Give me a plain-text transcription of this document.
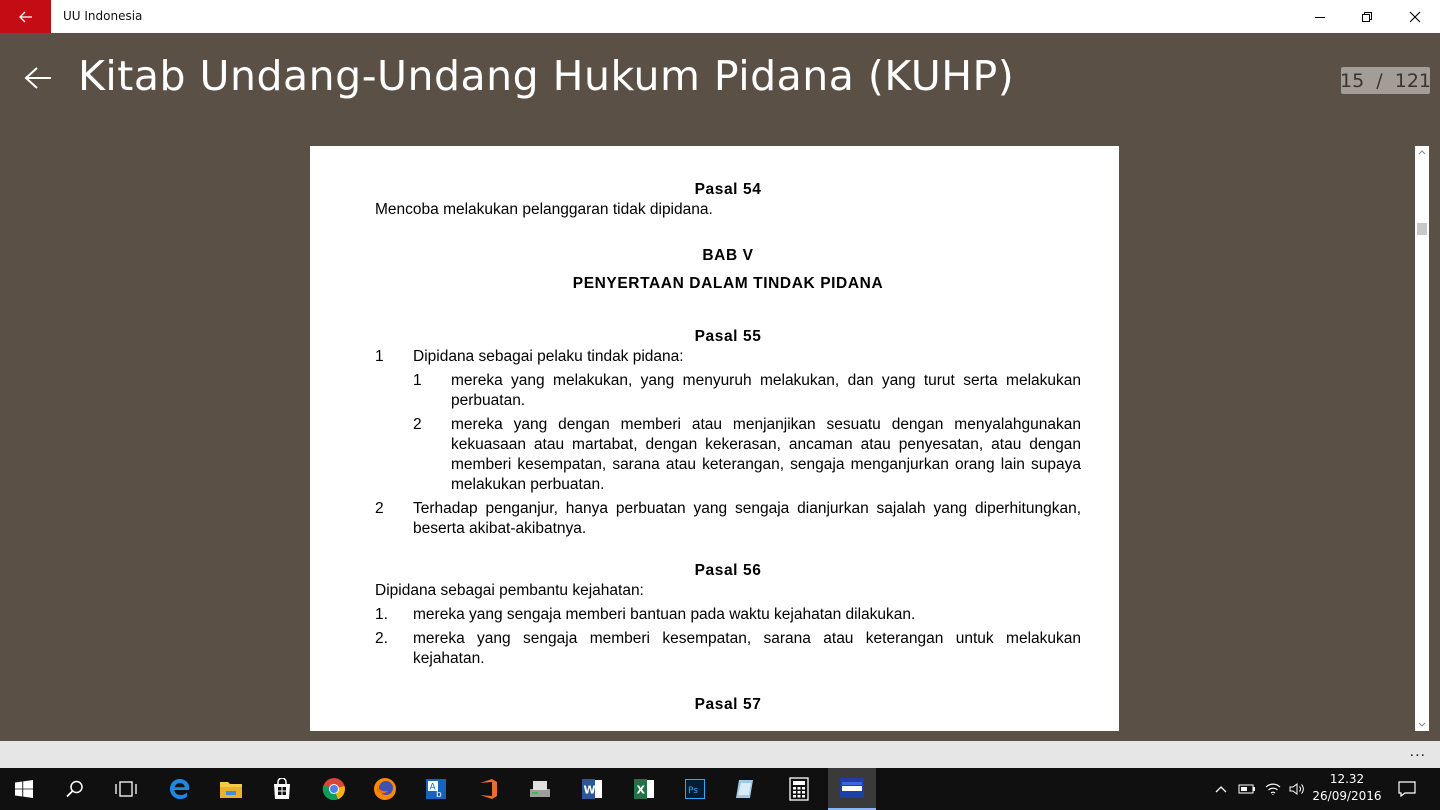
UU Indonesia
Kitab Undang-Undang Hukum Pidana (KUHP)	15  /  121
Pasal 54
Mencoba melakukan pelanggaran tidak dipidana.
BAB V
PENYERTAAN DALAM TINDAK PIDANA
Pasal 55
1	Dipidana sebagai pelaku tindak pidana:
1	mereka yang melakukan, yang menyuruh melakukan, dan yang turut serta melakukan perbuatan.
2	mereka yang dengan memberi atau menjanjikan sesuatu dengan menyalahgunakan kekuasaan atau martabat, dengan kekerasan, ancaman atau penyesatan, atau dengan memberi kesempatan, sarana atau keterangan, sengaja menganjurkan orang lain supaya melakukan perbuatan.
2	Terhadap penganjur, hanya perbuatan yang sengaja dianjurkan sajalah yang diperhitungkan, beserta akibat-akibatnya.
Pasal 56
Dipidana sebagai pembantu kejahatan:
1.	mereka yang sengaja memberi bantuan pada waktu kejahatan dilakukan.
2.	mereka yang sengaja memberi kesempatan, sarana atau keterangan untuk melakukan kejahatan.
Pasal 57
...
A
b	W	X	Ps
12.32
26/09/2016
